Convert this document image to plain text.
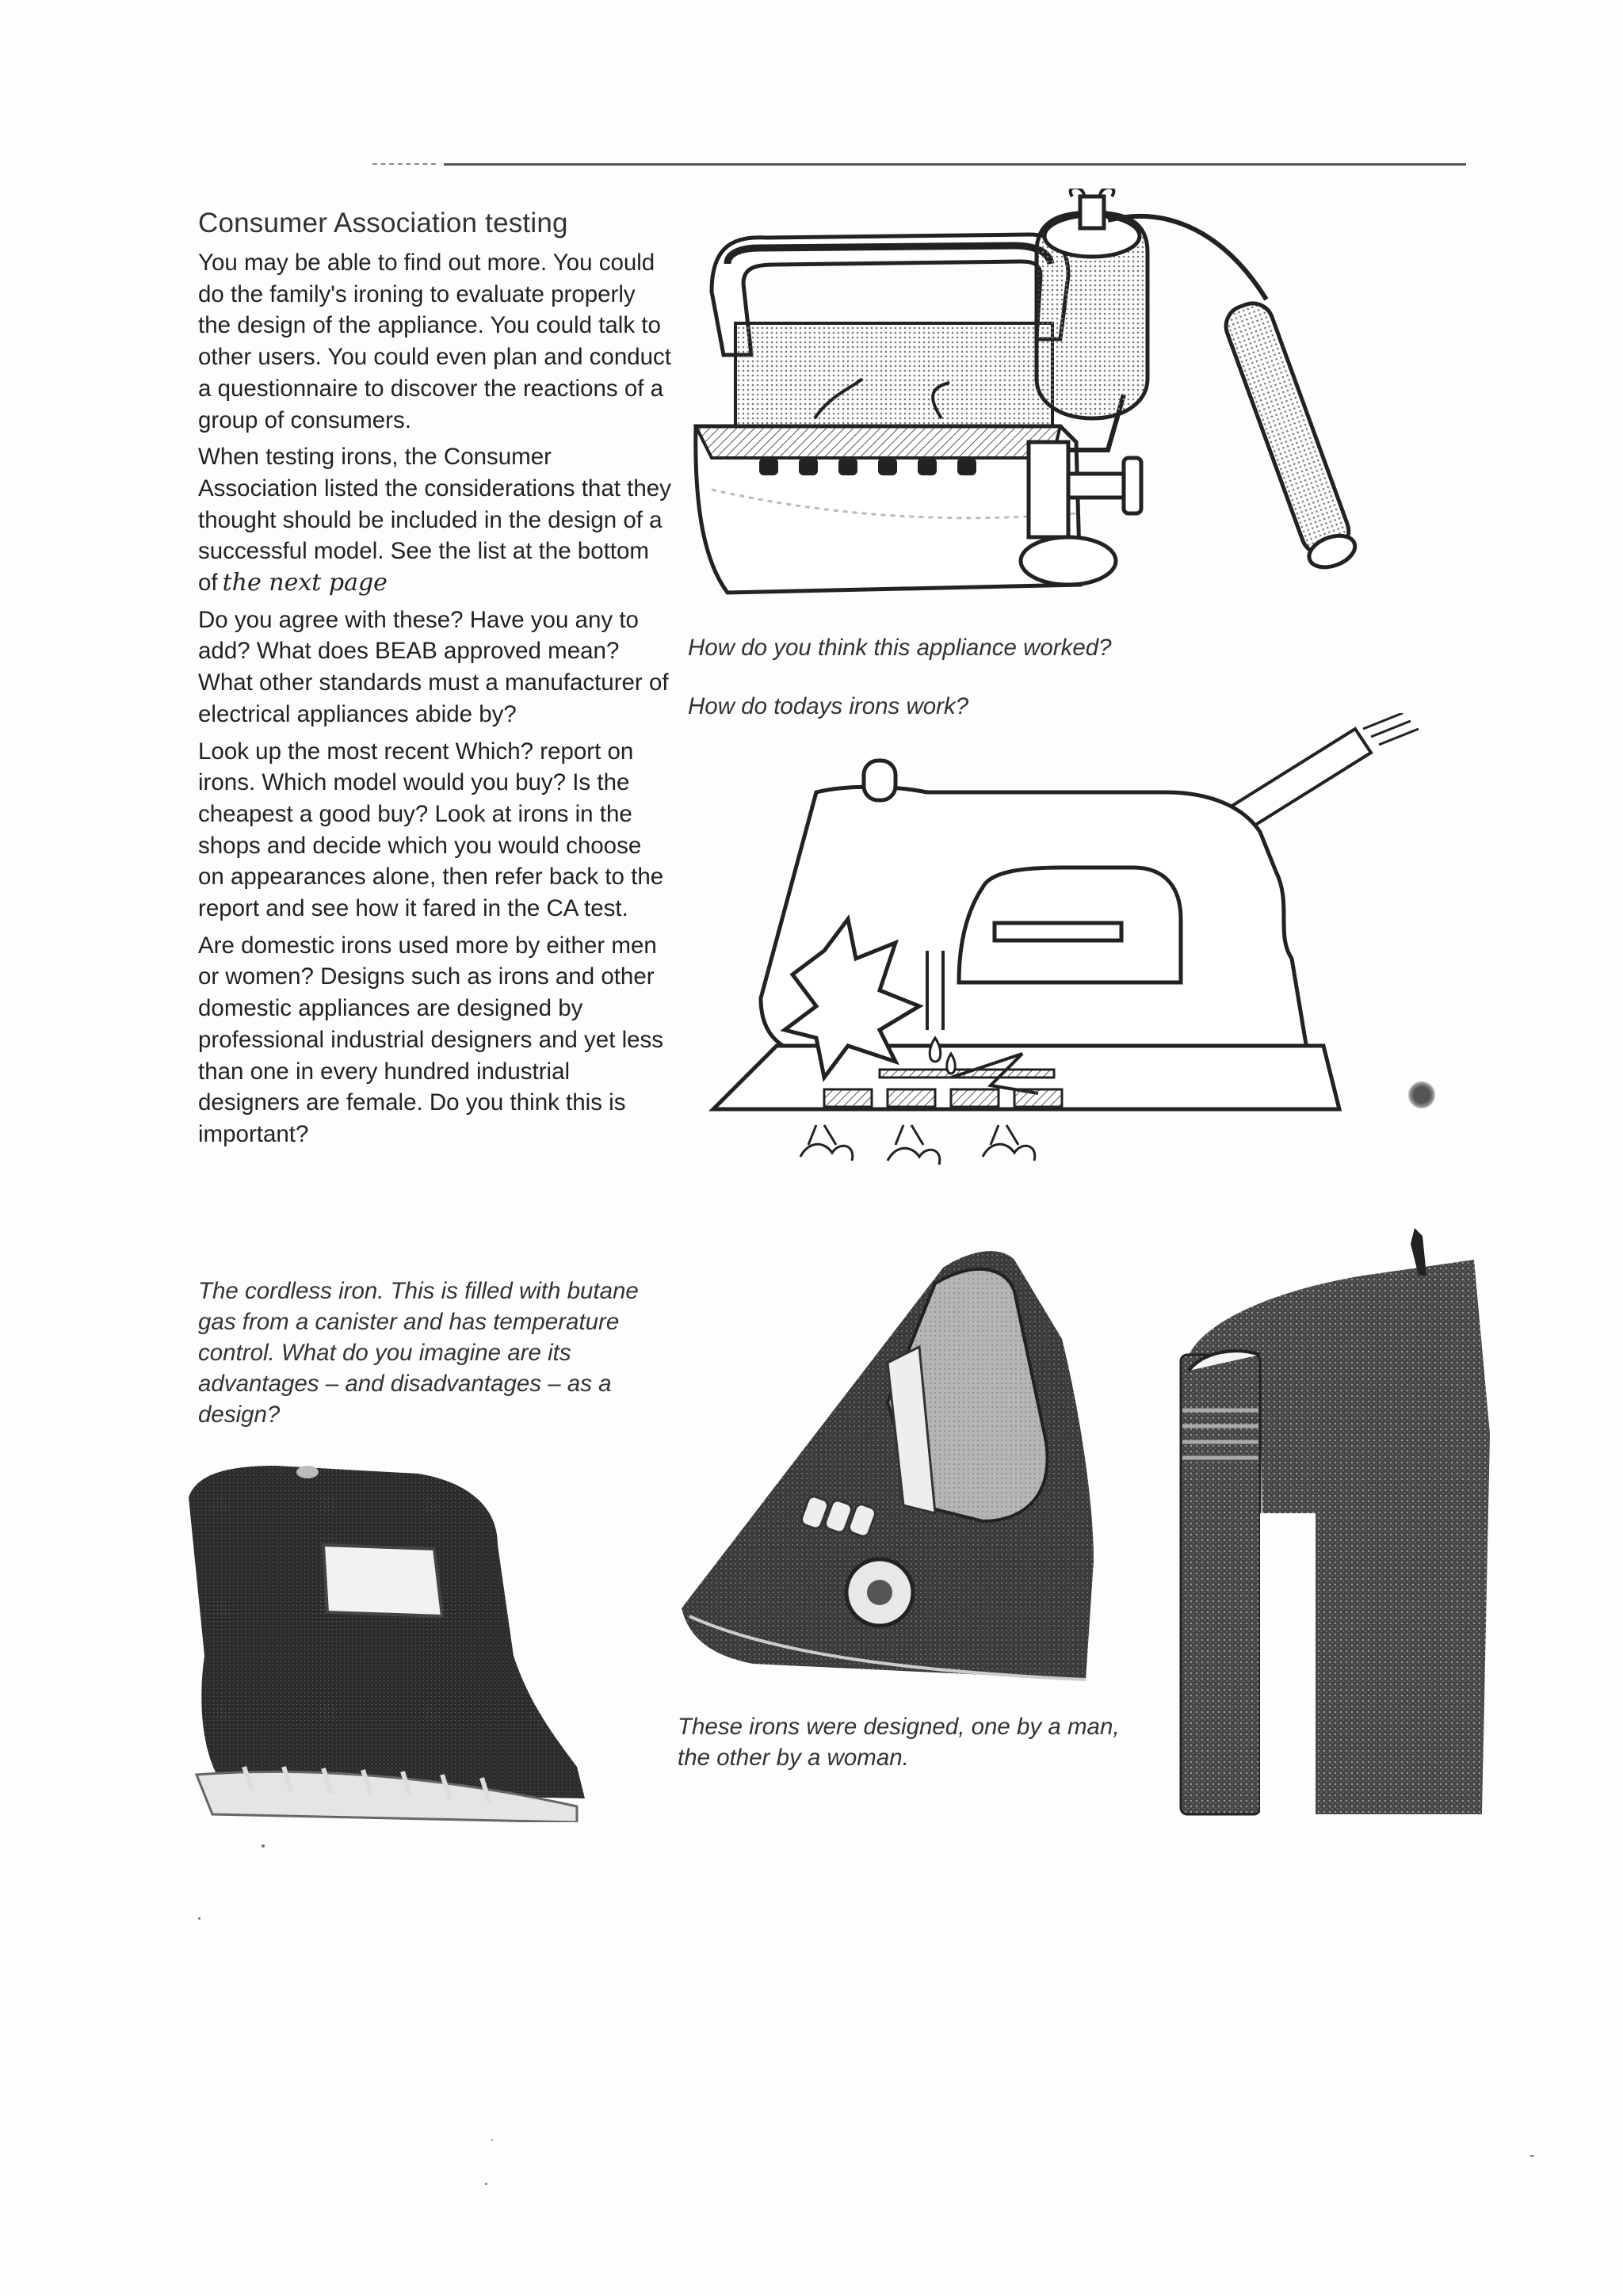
Consumer Association testing

You may be able to find out more. You could do the family's ironing to evaluate properly the design of the appliance. You could talk to other users. You could even plan and conduct a questionnaire to discover the reactions of a group of consumers.

When testing irons, the Consumer Association listed the considerations that they thought should be included in the design of a successful model. See the list at the bottom of the next page

Do you agree with these? Have you any to add? What does BEAB approved mean? What other standards must a manufacturer of electrical appliances abide by?

Look up the most recent Which? report on irons. Which model would you buy? Is the cheapest a good buy? Look at irons in the shops and decide which you would choose on appearances alone, then refer back to the report and see how it fared in the CA test.

Are domestic irons used more by either men or women? Designs such as irons and other domestic appliances are designed by professional industrial designers and yet less than one in every hundred industrial designers are female. Do you think this is important?

The cordless iron. This is filled with butane gas from a canister and has temperature control. What do you imagine are its advantages – and disadvantages – as a design?

How do you think this appliance worked?

How do todays irons work?

These irons were designed, one by a man, the other by a woman.
